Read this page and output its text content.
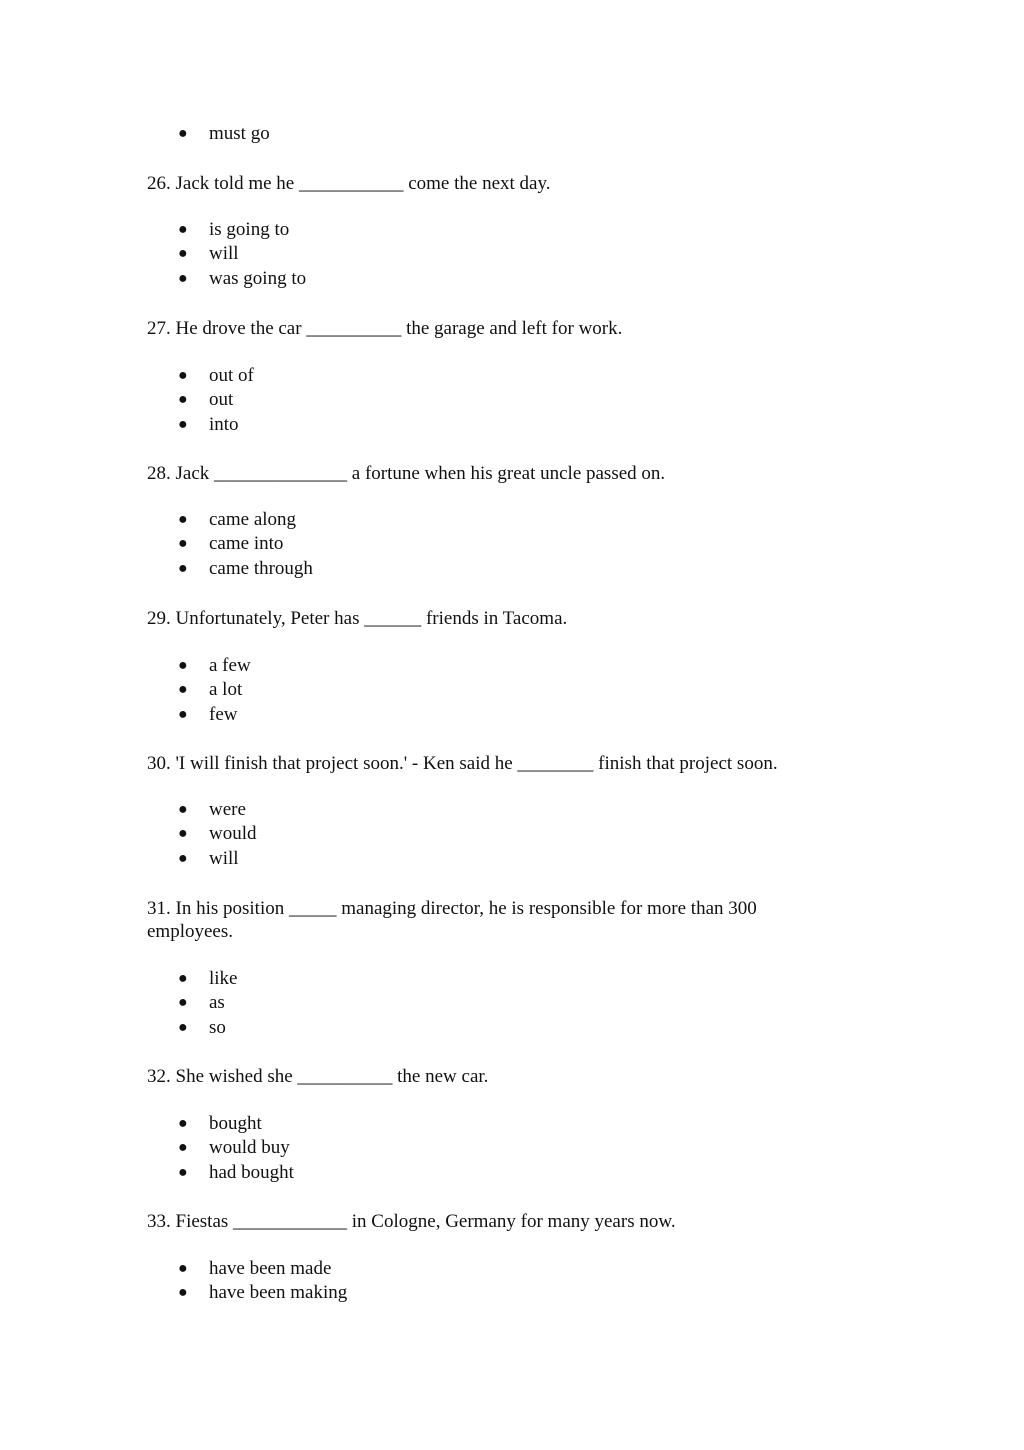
● must go

26. Jack told me he ___________ come the next day.

● is going to
● will
● was going to

27. He drove the car __________ the garage and left for work.

● out of
● out
● into

28. Jack ______________ a fortune when his great uncle passed on.

● came along
● came into
● came through

29. Unfortunately, Peter has ______ friends in Tacoma.

● a few
● a lot
● few

30. 'I will finish that project soon.' - Ken said he ________ finish that project soon.

● were
● would
● will

31. In his position _____ managing director, he is responsible for more than 300 employees.

● like
● as
● so

32. She wished she __________ the new car.

● bought
● would buy
● had bought

33. Fiestas ____________ in Cologne, Germany for many years now.

● have been made
● have been making
